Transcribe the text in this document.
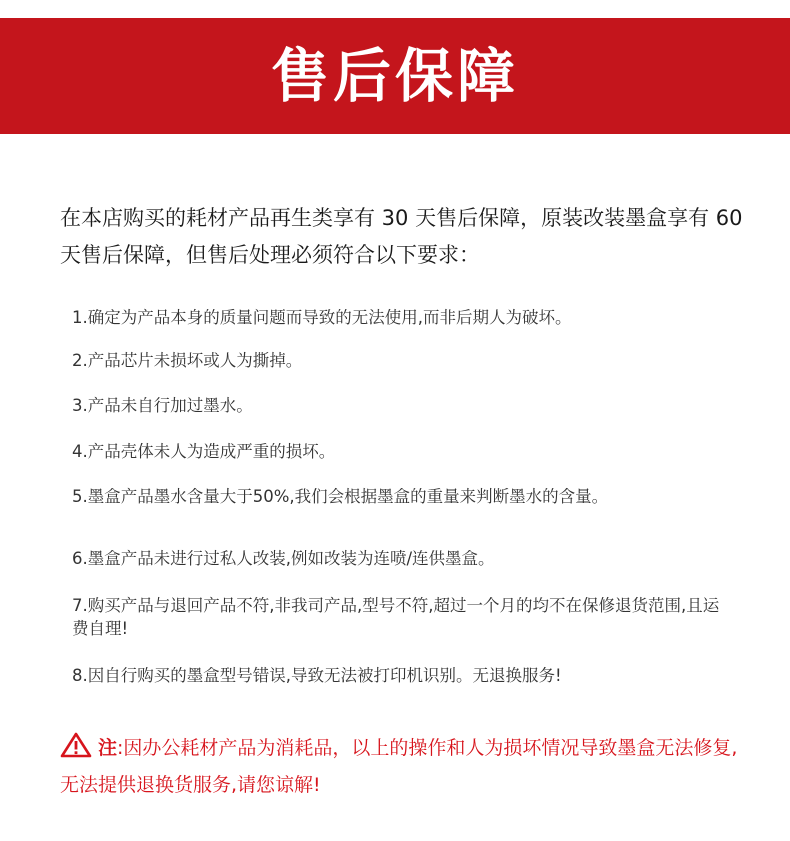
售后保障
在本店购买的耗材产品再生类享有 30 天售后保障，原装改装墨盒享有 60 天售后保障，但售后处理必须符合以下要求：
1.确定为产品本身的质量问题而导致的无法使用,而非后期人为破坏。
2.产品芯片未损坏或人为撕掉。
3.产品未自行加过墨水。
4.产品壳体未人为造成严重的损坏。
5.墨盒产品墨水含量大于50%,我们会根据墨盒的重量来判断墨水的含量。
6.墨盒产品未进行过私人改装,例如改装为连喷/连供墨盒。
7.购买产品与退回产品不符,非我司产品,型号不符,超过一个月的均不在保修退货范围,且运费自理!
8.因自行购买的墨盒型号错误,导致无法被打印机识别。无退换服务!
注:因办公耗材产品为消耗品，以上的操作和人为损坏情况导致墨盒无法修复,无法提供退换货服务,请您谅解!
